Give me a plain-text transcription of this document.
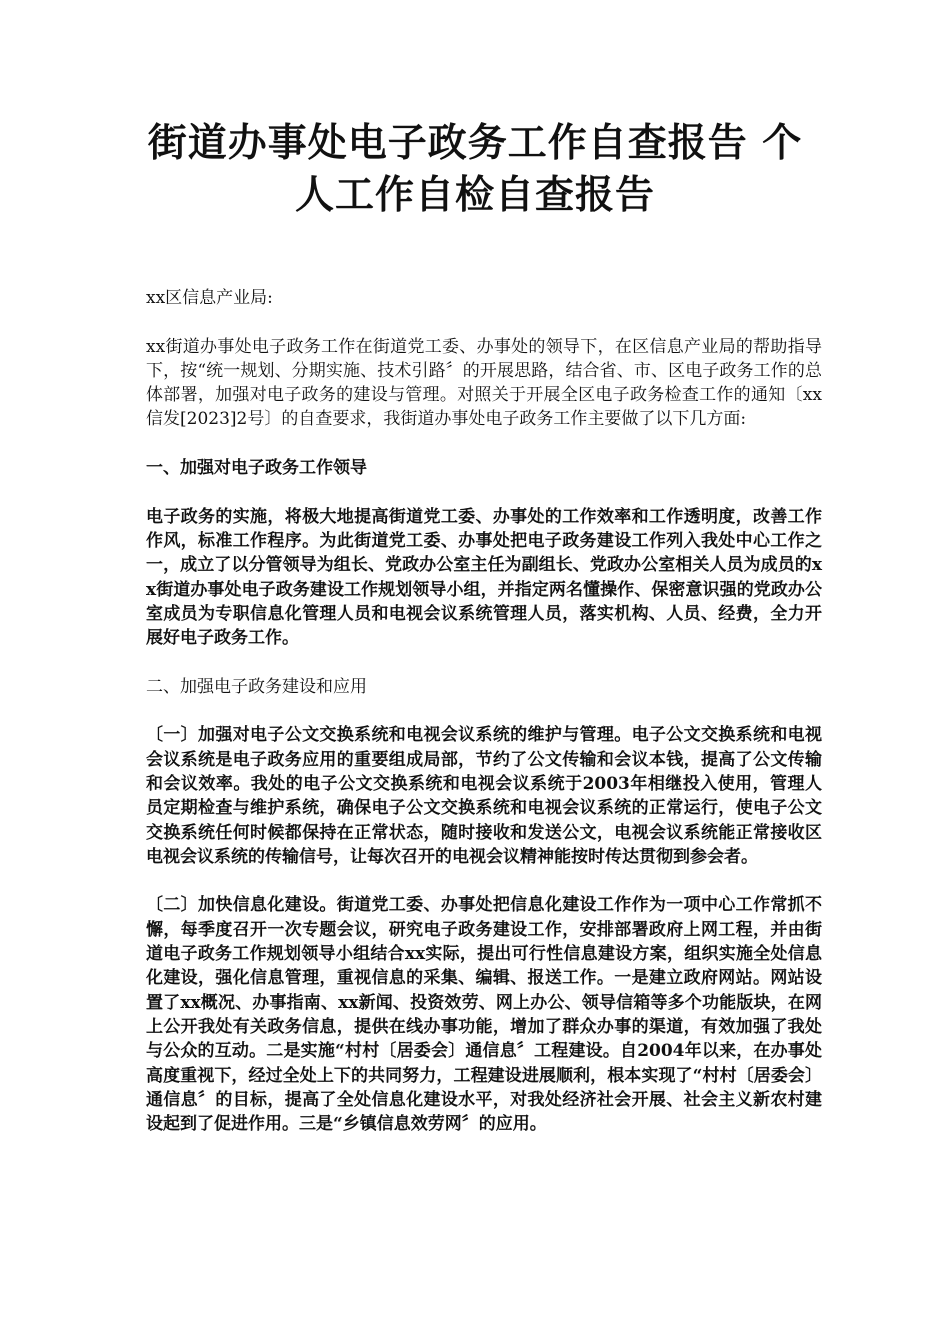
街道办事处电子政务工作自查报告 个人工作自检自查报告

xx区信息产业局:

xx街道办事处电子政务工作在街道党工委、办事处的领导下，在区信息产业局的帮助指导下，按“统一规划、分期实施、技术引路〞的开展思路，结合省、市、区电子政务工作的总体部署，加强对电子政务的建设与管理。对照关于开展全区电子政务检查工作的通知〔xx信发[2023]2号〕的自查要求，我街道办事处电子政务工作主要做了以下几方面:

一、加强对电子政务工作领导

电子政务的实施，将极大地提高街道党工委、办事处的工作效率和工作透明度，改善工作作风，标准工作程序。为此街道党工委、办事处把电子政务建设工作列入我处中心工作之一，成立了以分管领导为组长、党政办公室主任为副组长、党政办公室相关人员为成员的xx街道办事处电子政务建设工作规划领导小组，并指定两名懂操作、保密意识强的党政办公室成员为专职信息化管理人员和电视会议系统管理人员，落实机构、人员、经费，全力开展好电子政务工作。

二、加强电子政务建设和应用

〔一〕加强对电子公文交换系统和电视会议系统的维护与管理。电子公文交换系统和电视会议系统是电子政务应用的重要组成局部，节约了公文传输和会议本钱，提高了公文传输和会议效率。我处的电子公文交换系统和电视会议系统于2003年相继投入使用，管理人员定期检查与维护系统，确保电子公文交换系统和电视会议系统的正常运行，使电子公文交换系统任何时候都保持在正常状态，随时接收和发送公文，电视会议系统能正常接收区电视会议系统的传输信号，让每次召开的电视会议精神能按时传达贯彻到参会者。

〔二〕加快信息化建设。街道党工委、办事处把信息化建设工作作为一项中心工作常抓不懈，每季度召开一次专题会议，研究电子政务建设工作，安排部署政府上网工程，并由街道电子政务工作规划领导小组结合xx实际，提出可行性信息建设方案，组织实施全处信息化建设，强化信息管理，重视信息的采集、编辑、报送工作。一是建立政府网站。网站设置了xx概况、办事指南、xx新闻、投资效劳、网上办公、领导信箱等多个功能版块，在网上公开我处有关政务信息，提供在线办事功能，增加了群众办事的渠道，有效加强了我处与公众的互动。二是实施“村村〔居委会〕通信息〞工程建设。自2004年以来，在办事处高度重视下，经过全处上下的共同努力，工程建设进展顺利，根本实现了“村村〔居委会〕通信息〞的目标，提高了全处信息化建设水平，对我处经济社会开展、社会主义新农村建设起到了促进作用。三是“乡镇信息效劳网〞的应用。
